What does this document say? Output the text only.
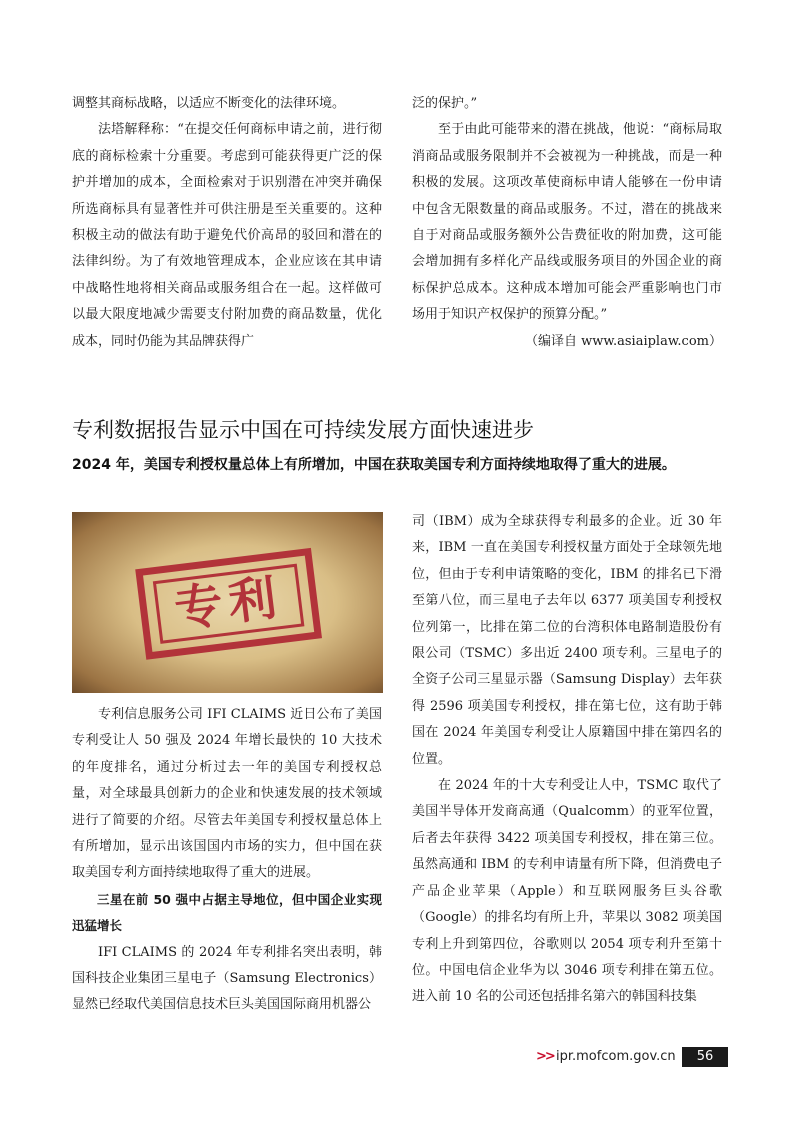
调整其商标战略，以适应不断变化的法律环境。

法塔解释称：“在提交任何商标申请之前，进行彻底的商标检索十分重要。考虑到可能获得更广泛的保护并增加的成本，全面检索对于识别潜在冲突并确保所选商标具有显著性并可供注册是至关重要的。这种积极主动的做法有助于避免代价高昂的驳回和潜在的法律纠纷。为了有效地管理成本，企业应该在其申请中战略性地将相关商品或服务组合在一起。这样做可以最大限度地减少需要支付附加费的商品数量，优化成本，同时仍能为其品牌获得广

泛的保护。”

至于由此可能带来的潜在挑战，他说：“商标局取消商品或服务限制并不会被视为一种挑战，而是一种积极的发展。这项改革使商标申请人能够在一份申请中包含无限数量的商品或服务。不过，潜在的挑战来自于对商品或服务额外公告费征收的附加费，这可能会增加拥有多样化产品线或服务项目的外国企业的商标保护总成本。这种成本增加可能会严重影响也门市场用于知识产权保护的预算分配。”

（编译自 www.asiaiplaw.com）

专利数据报告显示中国在可持续发展方面快速进步

2024 年，美国专利授权量总体上有所增加，中国在获取美国专利方面持续地取得了重大的进展。

专利

专利信息服务公司 IFI CLAIMS 近日公布了美国专利受让人 50 强及 2024 年增长最快的 10 大技术的年度排名，通过分析过去一年的美国专利授权总量，对全球最具创新力的企业和快速发展的技术领域进行了简要的介绍。尽管去年美国专利授权量总体上有所增加，显示出该国国内市场的实力，但中国在获取美国专利方面持续地取得了重大的进展。

三星在前 50 强中占据主导地位，但中国企业实现迅猛增长

IFI CLAIMS 的 2024 年专利排名突出表明，韩国科技企业集团三星电子（Samsung Electronics）显然已经取代美国信息技术巨头美国国际商用机器公

司（IBM）成为全球获得专利最多的企业。近 30 年来，IBM 一直在美国专利授权量方面处于全球领先地位，但由于专利申请策略的变化，IBM 的排名已下滑至第八位，而三星电子去年以 6377 项美国专利授权位列第一，比排在第二位的台湾积体电路制造股份有限公司（TSMC）多出近 2400 项专利。三星电子的全资子公司三星显示器（Samsung Display）去年获得 2596 项美国专利授权，排在第七位，这有助于韩国在 2024 年美国专利受让人原籍国中排在第四名的位置。

在 2024 年的十大专利受让人中，TSMC 取代了美国半导体开发商高通（Qualcomm）的亚军位置，后者去年获得 3422 项美国专利授权，排在第三位。虽然高通和 IBM 的专利申请量有所下降，但消费电子产品企业苹果（Apple）和互联网服务巨头谷歌（Google）的排名均有所上升，苹果以 3082 项美国专利上升到第四位，谷歌则以 2054 项专利升至第十位。中国电信企业华为以 3046 项专利排在第五位。进入前 10 名的公司还包括排名第六的韩国科技集

>> ipr.mofcom.gov.cn	56
